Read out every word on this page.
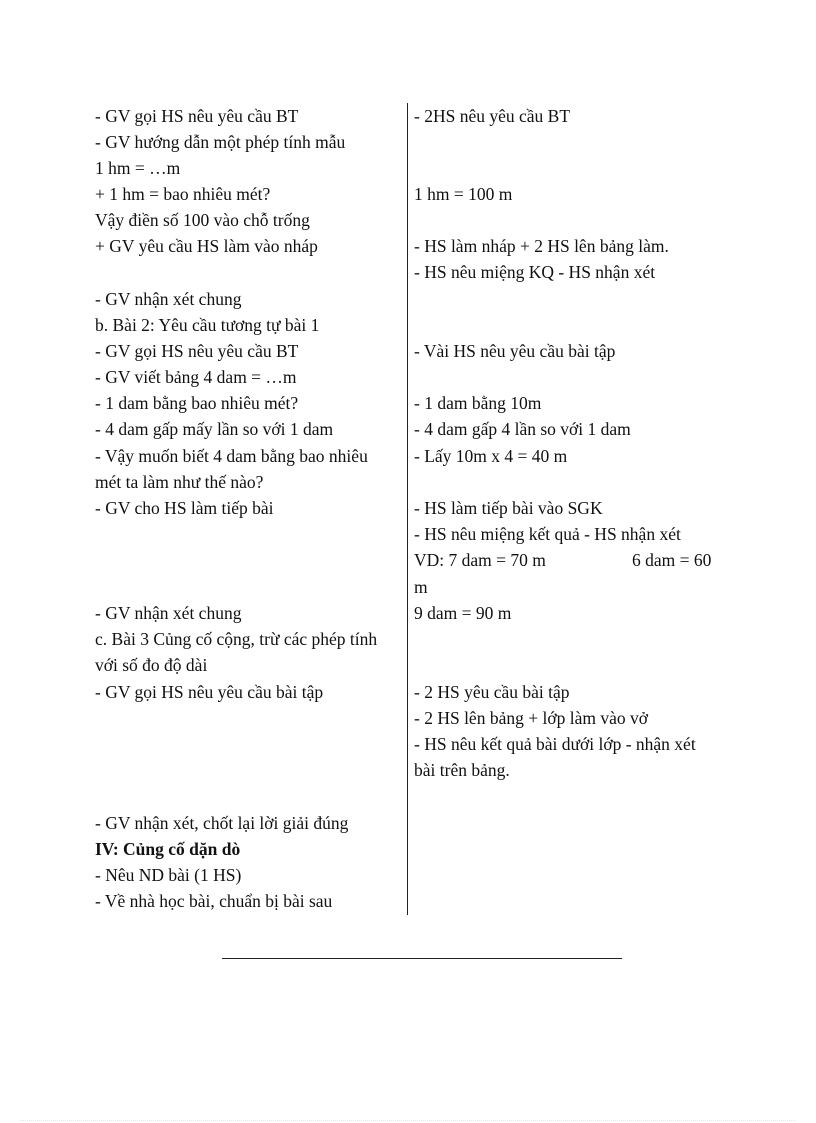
- GV gọi HS nêu yêu cầu BT
- GV hướng dẫn một phép tính mẫu
1 hm = …m
+ 1 hm = bao nhiêu mét?
Vậy điền số 100 vào chỗ trống
+ GV yêu cầu HS làm vào nháp
- GV nhận xét chung
b. Bài 2: Yêu cầu tương tự bài 1
- GV gọi HS nêu yêu cầu BT
- GV viết bảng 4 dam = …m
- 1 dam bằng bao nhiêu mét?
- 4 dam gấp mấy lần so với 1 dam
- Vậy muốn biết 4 dam bằng bao nhiêu
mét ta làm như thế nào?
- GV cho HS làm tiếp bài
- GV nhận xét chung
c. Bài 3 Củng cố cộng, trừ các phép tính
với số đo độ dài
- GV gọi HS nêu yêu cầu bài tập
- GV nhận xét, chốt lại lời giải đúng
IV: Củng cố dặn dò
- Nêu ND bài (1 HS)
- Về nhà học bài, chuẩn bị bài sau
- 2HS nêu yêu cầu BT
1 hm = 100 m
- HS làm nháp + 2 HS lên bảng làm.
- HS nêu miệng KQ - HS nhận xét
- Vài HS nêu yêu cầu bài tập
- 1 dam bằng 10m
- 4 dam gấp 4 lần so với 1 dam
- Lấy 10m x 4 = 40 m
- HS làm tiếp bài vào SGK
- HS nêu miệng kết quả - HS nhận xét
VD: 7 dam = 70 m	6 dam = 60
m
9 dam = 90 m
- 2 HS yêu cầu bài tập
- 2 HS lên bảng + lớp làm vào vở
- HS nêu kết quả bài dưới lớp - nhận xét
bài trên bảng.
